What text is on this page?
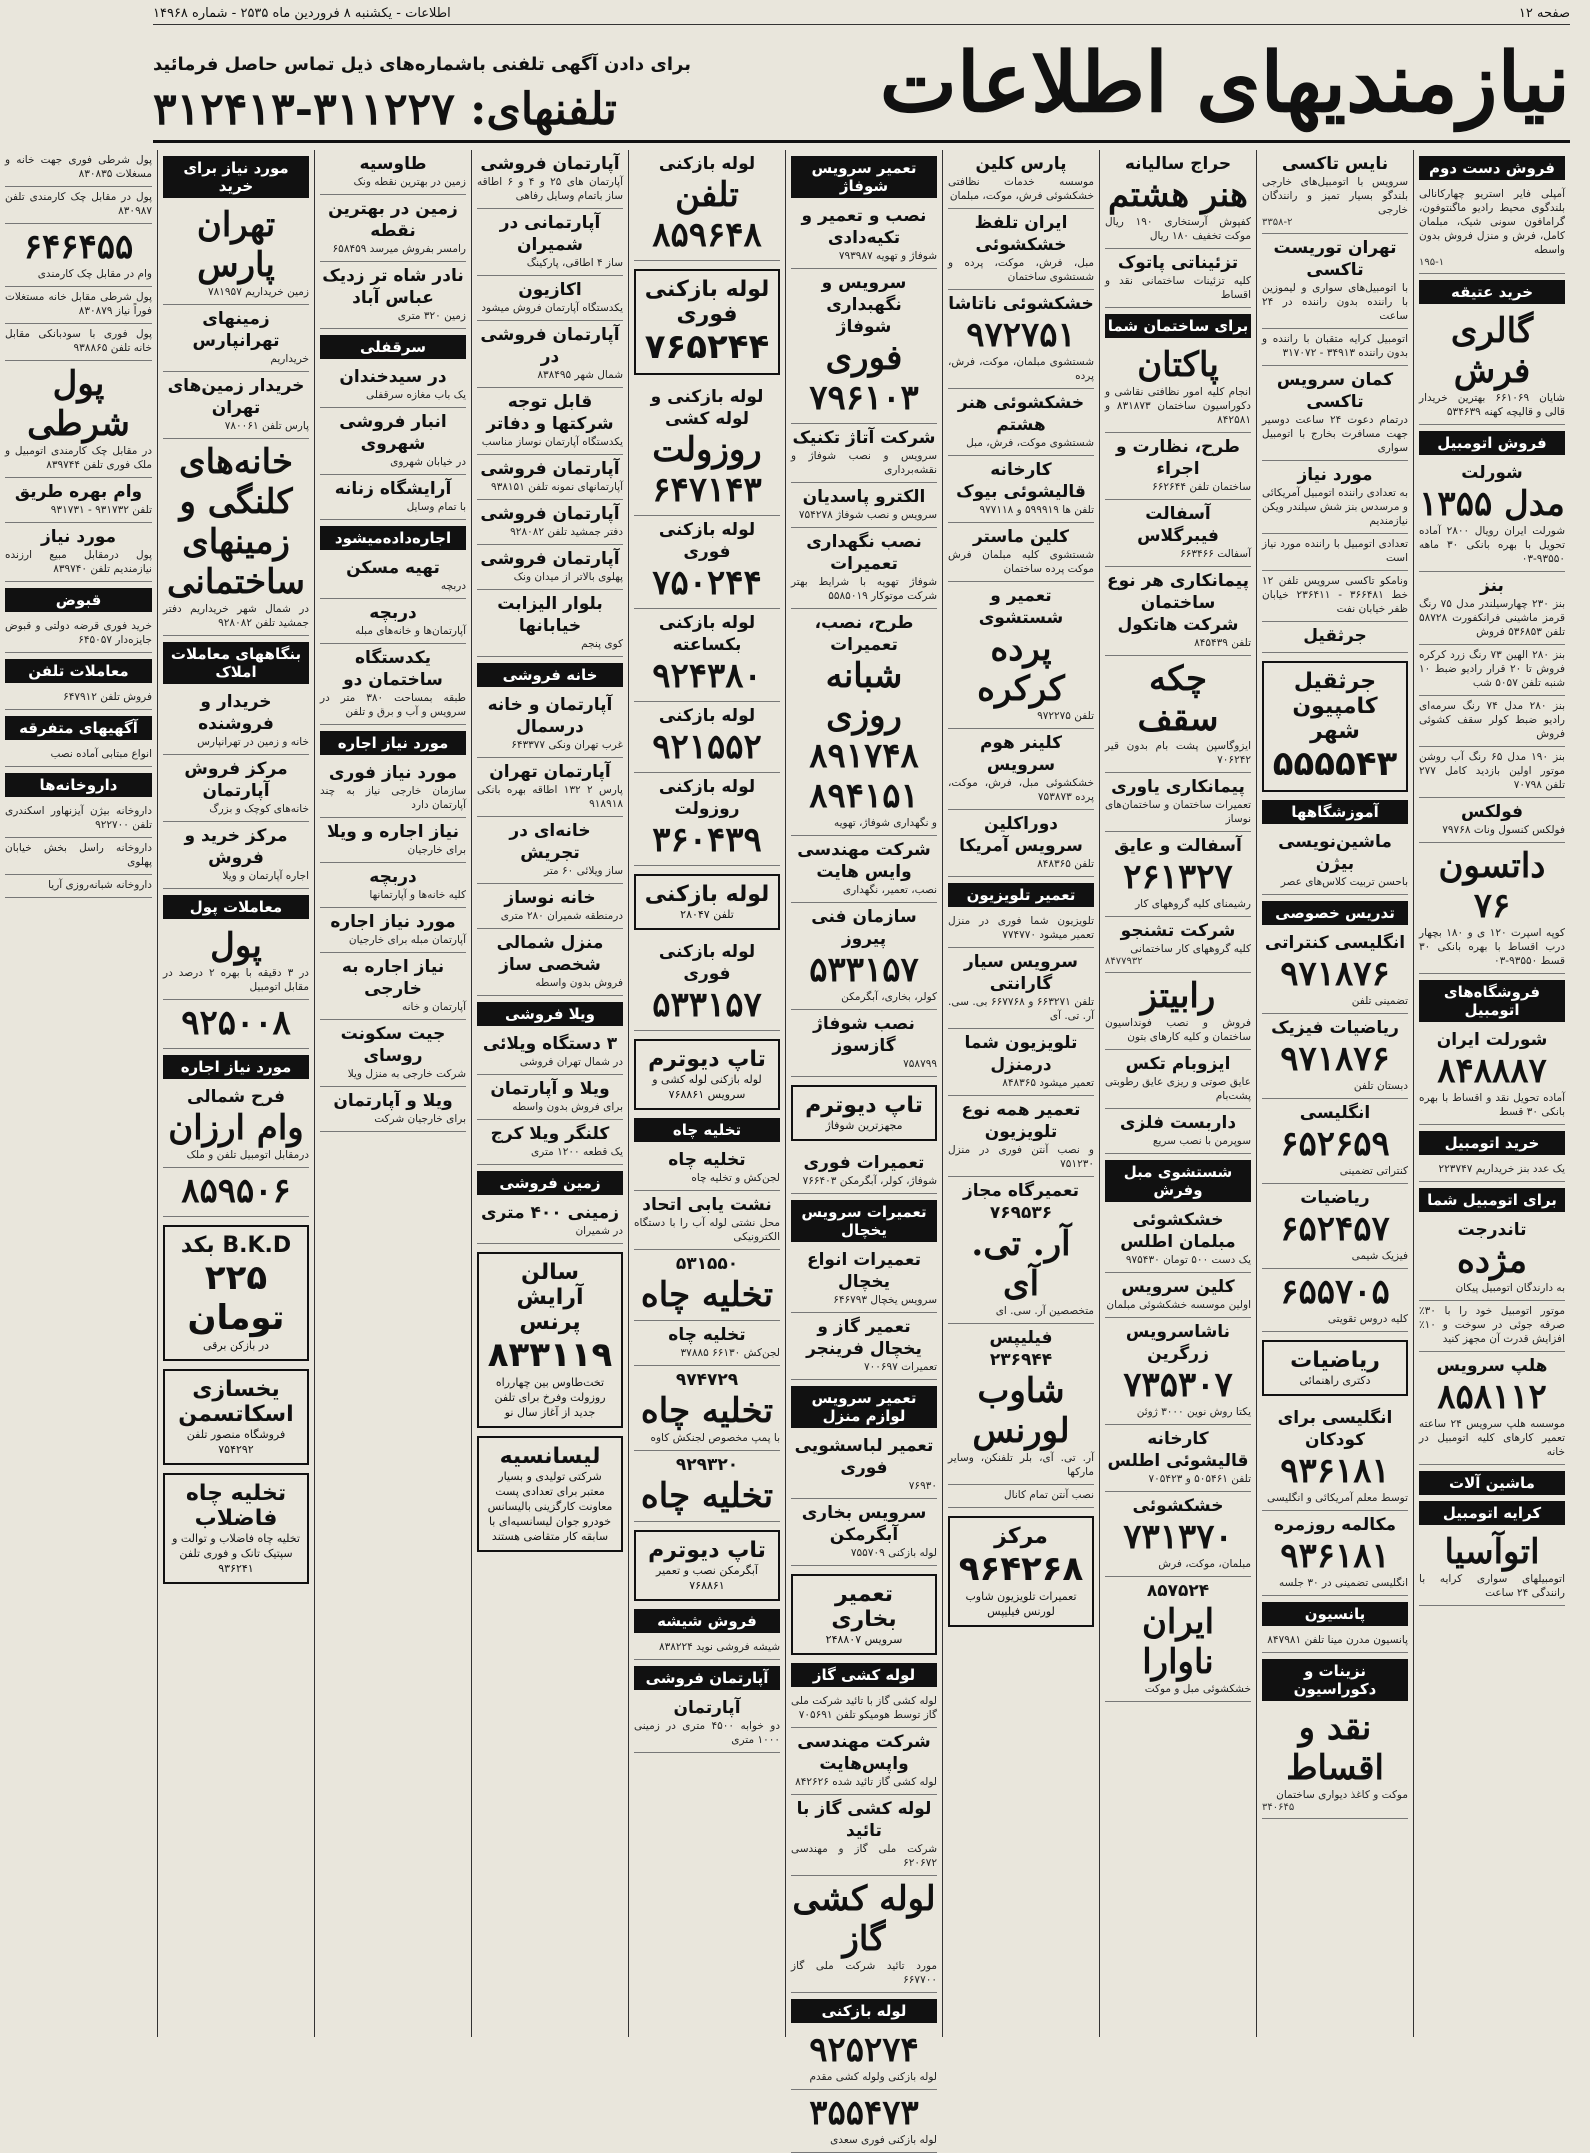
صفحه ۱۲
اطلاعات - یکشنبه ۸ فروردین ماه ۲۵۳۵ - شماره ۱۴۹۶۸
نیازمندیهای اطلاعات
برای دادن آگهی تلفنی باشماره‌های ذیل تماس حاصل فرمائید
تلفنهای: ۳۱۱۲۲۷-۳۱۲۴۱۳
فروش دست دوم
آمپلی فایر استریو چهارکانالی بلندگوی محیط رادیو ماگنتوفون، گرامافون سونی شیک، مبلمان کامل، فرش و منزل فروش بدون واسطه
۱۹۵-۱
خرید عتیقه
گالری فرش
شایان ۶۶۱۰۶۹ بهترین خریدار قالی و قالیچه کهنه ۵۳۴۶۳۹
فروش اتومبیل
شورلت
مدل ۱۳۵۵
شورلت ایران رویال ۲۸۰۰ آماده تحویل با بهره بانکی ۳۰ ماهه ۹۳۵۵۰-۰۳
بنز
بنز ۲۳۰ چهارسیلندر مدل ۷۵ رنگ قرمز ماشینی فرانکفورت ۵۸۷۲۸ تلفن ۵۳۶۸۵۳ فروش
بنز ۲۸۰ الهین ۷۳ رنگ زرد کرکره فروش تا ۲۰ قرار رادیو ضبط ۱۰ شنبه تلفن ۵۰۵۷ شب
بنز ۲۸۰ مدل ۷۴ رنگ سرمه‌ای رادیو ضبط کولر سقف کشوئی فروش
بنز ۱۹۰ مدل ۶۵ رنگ آب روشن موتور اولین بازدید کامل ۲۷۷ تلفن ۷۰۷۹۸
فولکس
فولکس کنسول ونات ۷۹۷۶۸
داتسون ۷۶
کوپه اسپرت ۱۲۰ ی و ۱۸۰ بچهار درب اقساط با بهره بانکی ۳۰ قسط ۹۳۵۵۰-۰۳
فروشگاه‌های اتومبیل
شورلت ایران
۸۴۸۸۸۷
آماده تحویل نقد و اقساط با بهره بانکی ۳۰ قسط
خرید اتومبیل
یک عدد بنز خریداریم ۲۲۳۷۴۷
برای اتومبیل شما
تاندرجت
مژده
به دارندگان اتومبیل پیکان
موتور اتومبیل خود را با ۳۰٪ صرفه جوئی در سوخت و ۱۰٪ افزایش قدرت آن مجهز کنید
هلپ سرویس
۸۵۸۱۱۲
موسسه هلپ سرویس ۲۴ ساعته تعمیر کارهای کلیه اتومبیل در خانه
ماشین آلات
کرایه اتومبیل
اتوآسیا
اتومبیلهای سواری کرایه با رانندگی ۲۴ ساعت
نایس تاکسی
سرویس با اتومبیل‌های خارجی بلند‌گو بسیار تمیز و رانندگان خارجی
۳۳۵۸-۲
تهران توریست تاکسی
با اتومبیل‌های سواری و لیموزین با راننده بدون راننده در ۲۴ ساعت
اتومبیل کرایه متقبان با راننده و بدون راننده ۳۴۹۱۳ - ۳۱۷۰۷۲
کمان سرویس تاکسی
درتمام دعوت ۲۴ ساعت دوسیر جهت مسافرت بخارج با اتومبیل سواری
مورد نیاز
به تعدادی راننده اتومبیل آمریکائی و مرسدس بنز شش سیلندر ویکن نیازمندیم
تعدادی اتومبیل با راننده مورد نیاز است
ونامکو تاکسی سرویس تلفن ۱۲ خط ۳۶۶۴۸۱ - ۲۳۶۴۱۱ خیابان ظفر خیابان نفت
جرثقیل
جرثقیل کامپیون شهر
۵۵۵۵۴۳
آموزشگاهها
ماشین‌نویسی بیژن
باحسن تربیت کلاس‌های عصر
تدریس خصوصی
انگلیسی کنتراتی
۹۷۱۸۷۶
تضمینی تلفن
ریاضیات فیزیک
۹۷۱۸۷۶
دبستان تلفن
انگلیسی
۶۵۲۶۵۹
کنتراتی تضمینی
ریاضیات
۶۵۲۴۵۷
فیزیک شیمی
۶۵۵۷۰۵
کلیه دروس تقویتی
ریاضیات
دکتری راهنمائی
انگلیسی برای کودکان
۹۳۶۱۸۱
توسط معلم آمریکائی و انگلیسی
مکالمه روزمره
۹۳۶۱۸۱
انگلیسی تضمینی در ۳۰ جلسه
پانسیون
پانسیون مدرن مینا تلفن ۸۴۷۹۸۱
نزینات و دکوراسیون
نقد و اقساط
موکت و کاغذ دیواری ساختمان
۳۴۰۶۴۵
حراج سالیانه
هنر هشتم
کفپوش آرستخاری ۱۹۰ ریال موکت تخفیف ۱۸۰ ریال
تزئیناتی پاتوک
کلیه تزئینات ساختمانی نقد و اقساط
برای ساختمان شما
پاکتان
انجام کلیه امور نظافتی نقاشی و دکوراسیون ساختمان ۸۳۱۸۷۳ و ۸۴۲۵۸۱
طرح، نظارت و اجراء
ساختمان تلفن ۶۶۲۶۴۴
آسفالت فیبرگلاس
آسفالت ۶۶۳۴۶۶
پیمانکاری هر نوع ساختمان
شرکت هاتکول
تلفن ۸۴۵۴۳۹
چکه سقف
ایزوگاسپن پشت بام بدون قیر ۷۰۶۲۴۲
پیمانکاری یاوری
تعمیرات ساختمان و ساختمان‌های نوساز
آسفالت و عایق
۲۶۱۳۲۷
رشیمنای کلیه گروههای کار
شرکت تشنجو
کلیه گروههای کار ساختمانی
۸۴۷۷۹۳۲
رابیتز
فروش و نصب فونداسیون ساختمان و کلیه کارهای بتون
ایزوبام تکس
عایق صوتی و ریزی عایق رطوبتی پشت‌بام
داربست فلزی
سوپرمن با نصب سریع
شستشوی مبل وفرش
خشکشوئی مبلمان اطلس
یک دست ۵۰۰ تومان ۹۷۵۴۳۰
کلین سرویس
اولین موسسه خشکشوئی مبلمان
ناشاسرویس زرگرین
۷۳۵۳۰۷
یکتا روش نوین ۳۰۰۰ ژوئن
کارخانه قالیشوئی اطلس
تلفن ۵۰۵۴۶۱ و ۷۰۵۴۲۳
خشکشوئی
۷۳۱۳۷۰
مبلمان، موکت، فرش
۸۵۷۵۲۴
ایران ناوارا
خشکشوئی مبل و موکت
پارس کلین
موسسه خدمات نظافتی خشکشوئی فرش، موکت، مبلمان
ایران تلفظ خشکشوئی
مبل، فرش، موکت، پرده و شستشوی ساختمان
خشکشوئی ناتاشا
۹۷۲۷۵۱
شستشوی مبلمان، موکت، فرش، پرده
خشکشوئی هنر هشتم
شستشوی موکت، فرش، مبل
کارخانه قالیشوئی بیوک
تلفن ها ۵۹۹۹۱۹ و ۹۷۷۱۱۸
کلین ماستر
شستشوی کلیه مبلمان فرش موکت پرده ساختمان
تعمیر و شستشوی
پرده کرکره
تلفن ۹۷۲۲۷۵
کلینر هوم سرویس
خشکشوئی مبل، فرش، موکت، پرده ۷۵۳۸۷۳
دوراکلین سرویس آمریکا
تلفن ۸۴۸۳۶۵
تعمیر تلویزیون
تلویزیون شما فوری در منزل تعمیر میشود ۷۷۴۷۷۰
سرویس سیار گارانتی
تلفن ۶۶۳۲۷۱ و ۶۶۷۷۶۸ بی. سی. آر. تی. آی
تلویزیون شما درمنزل
تعمیر میشود ۸۴۸۳۶۵
تعمیر همه نوع تلویزیون
و نصب آنتن فوری در منزل ۷۵۱۲۳۰
تعمیرگاه مجاز
۷۶۹۵۳۶
آر. تی. آی
متخصصین آر. سی. ای
فیلیپس
۲۳۶۹۴۴
شاوب لورنس
آر. تی. آی، بلر تلفنکن، وسایر مارکها
نصب آنتن تمام کانال
مرکز
۹۶۴۲۶۸
تعمیرات تلویزیون شاوب لورنس فیلیپس
تعمیر سرویس شوفاژ
نصب و تعمیر و تکیه‌دادی
شوفاژ و تهویه ۷۹۳۹۸۷
سرویس و نگهبداری
شوفاژ
فوری ۷۹۶۱۰۳
شرکت آتاژ تکنیک
سرویس و نصب شوفاژ و نقشه‌برداری
الکترو پاسدیان
سرویس و نصب شوفاژ ۷۵۴۲۷۸
نصب نگهداری تعمیرات
شوفاژ تهویه با شرایط بهتر شرکت موتوکار ۵۵۸۵۰۱۹
طرح، نصب، تعمیرات
شبانه روزی ۸۹۱۷۴۸ ۸۹۴۱۵۱
و نگهداری شوفاژ، تهویه
شرکت مهندسی وایس هایت
نصب، تعمیر، نگهداری
سازمان فنی پیروز
۵۳۳۱۵۷
کولر، بخاری، آبگرمکن
نصب شوفاژ گازسوز
۷۵۸۷۹۹
تاپ دیوترم
مجهزترین شوفاژ
تعمیرات فوری
شوفاژ، کولر، آبگرمکن ۷۶۶۴۰۳
تعمیرات سرویس یخچال
تعمیرات انواع یخچال
سرویس یخچال ۶۴۶۷۹۳
تعمیر گاز و یخچال فرینجر
تعمیرات ۷۰۰۶۹۷
تعمیر سرویس لوازم منزل
تعمیر لباسشویی فوری
۷۶۹۳۰
سرویس بخاری آبگرمکن
لوله بازکنی ۷۵۵۷۰۹
تعمیر بخاری
سرویس ۲۴۸۸۰۷
لوله کشی گاز
لوله کشی گاز با تائید شرکت ملی گاز توسط هومیکو تلفن ۷۰۵۶۹۱
شرکت مهندسی واپس‌هایت
لوله کشی گاز تائید شده ۸۴۲۶۲۶
لوله کشی گاز با تائید
شرکت ملی گاز و مهندسی ۶۲۰۶۷۲
لوله کشی گاز
مورد تائید شرکت ملی گاز ۶۶۷۷۰۰
لوله بازکنی
۹۲۵۲۷۴
لوله بازکنی ولوله کشی مقدم
۳۵۵۴۷۳
لوله بازکنی فوری سعدی
لوله بازکنی
تلفن ۸۵۹۶۴۸
لوله بازکنی فوری
۷۶۵۲۴۴
لوله بازکنی و لوله کشی
روزولت ۶۴۷۱۴۳
لوله بازکنی فوری
۷۵۰۲۴۴
لوله بازکنی بکساعته
۹۲۴۳۸۰
لوله بازکنی
۹۲۱۵۵۲
لوله بازکنی روزولت
۳۶۰۴۳۹
لوله بازکنی
تلفن ۲۸۰۴۷
لوله بازکنی فوری
۵۳۳۱۵۷
تاپ دیوترم
لوله بازکنی لوله کشی و سرویس ۷۶۸۸۶۱
تخلیه چاه
تخلیه چاه
لجن‌کش و تخلیه چاه
نشت یابی اتحاد
محل نشتی لوله آب را با دستگاه الکترونیکی
۵۳۱۵۵۰
تخلیه چاه
تخلیه چاه
لجن‌کش ۶۶۱۳۰ ۳۷۸۸۵
۹۷۴۷۲۹
تخلیه چاه
با پمپ مخصوص لجنکش کاوه
۹۲۹۳۲۰
تخلیه چاه
تاپ دیوترم
آبگرمکن نصب و تعمیر ۷۶۸۸۶۱
فروش شیشه
شیشه فروشی نوید ۸۳۸۲۲۴
آپارتمان فروشی
آپارتمان
دو خوابه ۴۵۰۰ متری در زمینی ۱۰۰۰ متری
آپارتمان فروشی
آپارتمان های ۲۵ و ۴ و ۶ اطاقه ساز باتمام وسایل رفاهی
آپارتمانی در شمیران
ساز ۴ اطاقی، پارکینگ
اکازیون
یکدستگاه آپارتمان فروش میشود
آپارتمان فروشی در
شمال شهر ۸۳۸۴۹۵
قابل توجه شرکتها و دفاتر
یکدستگاه آپارتمان نوساز مناسب
آپارتمان فروشی
آپارتمانهای نمونه تلفن ۹۳۸۱۵۱
آپارتمان فروشی
دفتر جمشید تلفن ۹۲۸۰۸۲
آپارتمان فروشی
پهلوی بالاتر از میدان ونک
بلوار الیزابت خیابانها
کوی پنجم
خانه فروشی
آپارتمان و خانه درسمال
غرب تهران ونکی ۶۴۳۳۷۷
آپارتمان تهران
پارس ۲ ۱۳۲ اطاقه بهره بانکی ۹۱۸۹۱۸
خانه‌ای در تجریش
ساز ویلائی ۶۰ متر
خانه نوساز
درمنطقه شمیران ۲۸۰ متری
منزل شمالی شخصی ساز
فروش بدون واسطه
ویلا فروشی
۳ دستگاه ویلائی
در شمال تهران فروشی
ویلا و آپارتمان
برای فروش بدون واسطه
کلنگر ویلا کرج
یک قطعه ۱۲۰۰ متری
زمین فروشی
زمینی ۴۰۰ متری
در شمیران
سالن آرایش پرنس
۸۳۳۱۱۹
تخت‌طاوس بین چهارراه روزولت وفرخ برای تلفن جدید از آغاز سال نو
لیسانسیه
شرکتی تولیدی و بسیار معتبر برای تعدادی پست معاونت کارگزینی بالیسانس خودرو جوان لیسانسیه‌ای با سابقه کار متقاضی هستند
طاوسیه
زمین در بهترین نقطه ونک
زمین در بهترین نقطه
رامسر بفروش میرسد ۶۵۸۴۵۹
نادر شاه تر زدیک عباس آباد
زمین ۳۲۰ متری
سرقفلی
در سیدخندان
یک باب مغازه سرقفلی
انبار فروشی شهروی
در خیابان شهروی
آرایشگاه زنانه
با تمام وسایل
اجاره‌داده‌میشود
تهیه مسکن
دربچه
دربچه
آپارتمان‌ها و خانه‌های مبله
یکدستگاه ساختمان دو
طبقه بمساحت ۳۸۰ متر در سرویس و آب و برق و تلفن
مورد نیاز اجاره
مورد نیاز فوری
سازمان خارجی نیاز به چند آپارتمان دارد
نیاز اجاره و ویلا
برای خارجیان
دربچه
کلیه خانه‌ها و آپارتمانها
مورد نیاز اجاره
آپارتمان مبله برای خارجیان
نیاز اجاره به خارجی
آپارتمان و خانه
جیت سکونت روسای
شرکت خارجی به منزل ویلا
ویلا و آپارتمان
برای خارجیان شرکت
مورد نیاز برای خرید
تهران پارس
زمین خریداریم ۷۸۱۹۵۷
زمینهای تهرانپارس
خریداریم
خریدار زمین‌های تهران
پارس تلفن ۷۸۰۰۶۱
خانه‌های کلنگی و زمینهای ساختمانی
در شمال شهر خریداریم دفتر جمشید تلفن ۹۲۸۰۸۲
بنگاههای معاملات املاک
خریدار و فروشنده
خانه و زمین در تهرانپارس
مرکز فروش آپارتمان
خانه‌های کوچک و بزرگ
مرکز خرید و فروش
اجاره آپارتمان و ویلا
معاملات پول
پول
در ۳ دقیقه با بهره ۲ درصد در مقابل اتومبیل
۹۲۵۰۰۸
مورد نیاز اجاره
فرح شمالی
وام ارزان
درمقابل اتومبیل تلفن و ملک
۸۵۹۵۰۶
B.K.D بکد
۲۲۵ تومان
در بازکن برقی
یخسازی اسکاتسمن
فروشگاه منصور تلفن ۷۵۴۲۹۲
تخلیه چاه فاضلاب
تخلیه چاه فاضلاب و توالت و سپتیک تانک و فوری تلفن ۹۳۶۲۴۱
پول شرطی فوری جهت خانه و مسغلات ۸۳۰۸۳۵
پول در مقابل چک کارمندی تلفن ۸۳۰۹۸۷
۶۴۶۴۵۵
وام در مقابل چک کارمندی
پول شرطی مقابل خانه مستغلات فوراً نیاز ۸۳۰۸۷۹
پول فوری با سودبانکی مقابل خانه تلفن ۹۳۸۸۶۵
پول شرطی
در مقابل چک کارمندی اتومبیل و ملک فوری تلفن ۸۳۹۷۴۴
وام بهره طریق
تلفن ۹۳۱۷۳۲ - ۹۳۱۷۳۱
مورد نیاز
پول درمقابل مبیع ارزنده نیازمندیم تلفن ۸۳۹۷۴۰
قبوض
خرید فوری قرضه دولتی و قبوض جایزه‌دار ۶۴۵۰۵۷
معاملات تلفن
فروش تلفن ۶۴۷۹۱۲
آگهیهای متفرقه
انواع مبتابی آماده نصب
داروخانه‌ها
داروخانه بیژن آیزنهاور اسکندری تلفن ۹۲۲۷۰۰
داروخانه راسل بخش خیابان پهلوی
داروخانه شبانه‌روزی آریا
